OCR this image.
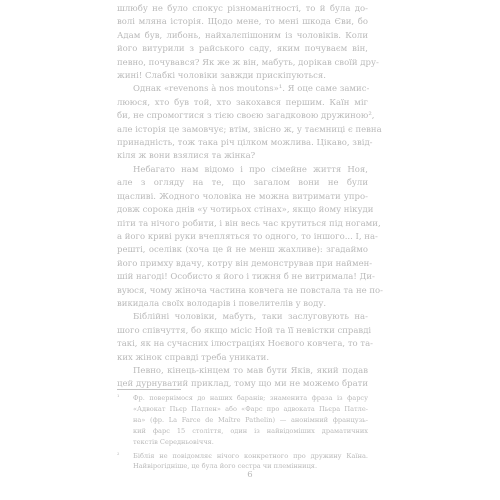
шлюбу не було спокус різноманітності, то й була до-
волі мляна історія. Щодо мене, то мені шкода Єви, бо
Адам був, либонь, найхалєпішоним із чоловіків. Коли
його витурили з райського саду, яким почуваєм він,
певно, почувався? Як же ж він, мабуть, дорікав своїй дру-
жині! Слабкі чоловіки завжди прискіпуються.
Однак «revenons à nos moutons»¹. Я оце саме замис-
лююся, хто був той, хто закохався першим. Каїн міг
би, не спромогтися з тією своєю загадковою дружиною²,
але історія це замовчує; втім, звісно ж, у таємниці є певна
принадність, тож така річ цілком можлива. Цікаво, звід-
кіля ж вони взялися та жінка?
Небагато нам відомо і про сімейне життя Ноя,
але з огляду на те, що загалом вони не були
щасливі. Жодного чоловіка не можна витримати упро-
довж сорока днів «у чотирьох стінах», якщо йому нікуди
піти та нічого робити, і він весь час крутиться під ногами,
а його криві руки вчепляться то одного, то іншого... І, на-
решті, оселівк (хоча це й не менш жахливе): згадаймо
його примху вдачу, котру він демонстрував при наймен-
шій нагоді! Особисто я його і тижня б не витримала! Ди-
вуюся, чому жіноча частина ковчега не повстала та не по-
викидала своїх володарів і повелителів у воду.
Біблійні чоловіки, мабуть, таки заслуговують на-
шого співчуття, бо якщо місіс Ной та її невістки справді
такі, як на сучасних ілюстраціях Ноєвого ковчега, то та-
ких жінок справді треба уникати.
Певно, кінець-кінцем то мав бути Яків, який подав
цей дурнуватий приклад, тому що ми не можемо брати
¹ Фр. повернімося до наших баранів; знаменита фраза із фарсу
«Адвокат Пьєр Патлен» або «Фарс про адвоката Пьєра Патле-
на» (фр. La Farce de Maître Pathelin) — анонімний французь-
кий фарс 15 століття, один із найвідоміших драматичних
текстів Середньовіччя.
² Біблія не повідомляє нічого конкретного про дружину Каїна.
Найвірогідніше, це була його сестра чи племінниця.
6
